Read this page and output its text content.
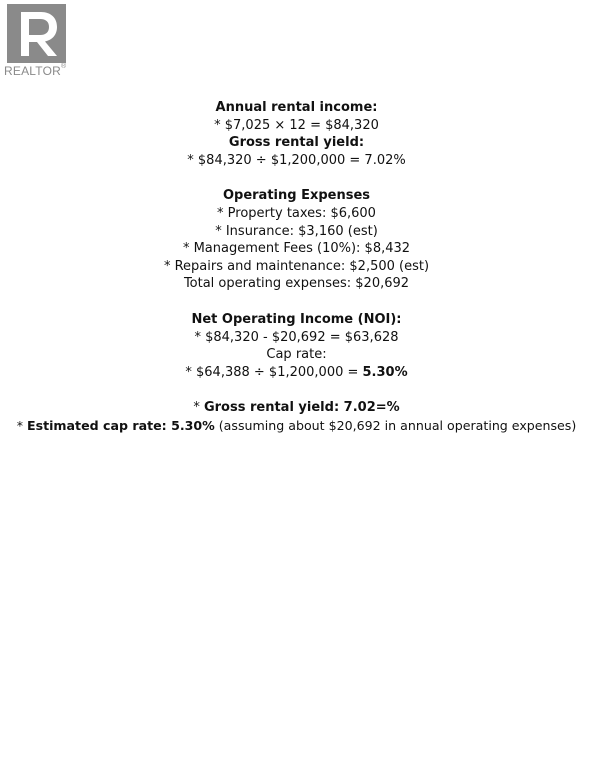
REALTOR®
Annual rental income:
* $7,025 × 12 = $84,320
Gross rental yield:
* $84,320 ÷ $1,200,000 = 7.02%
Operating Expenses
* Property taxes: $6,600
* Insurance: $3,160 (est)
* Management Fees (10%): $8,432
* Repairs and maintenance: $2,500 (est)
Total operating expenses: $20,692
Net Operating Income (NOI):
* $84,320 - $20,692 = $63,628
Cap rate:
* $64,388 ÷ $1,200,000 = 5.30%
* Gross rental yield: 7.02=%
* Estimated cap rate: 5.30% (assuming about $20,692 in annual operating expenses)
